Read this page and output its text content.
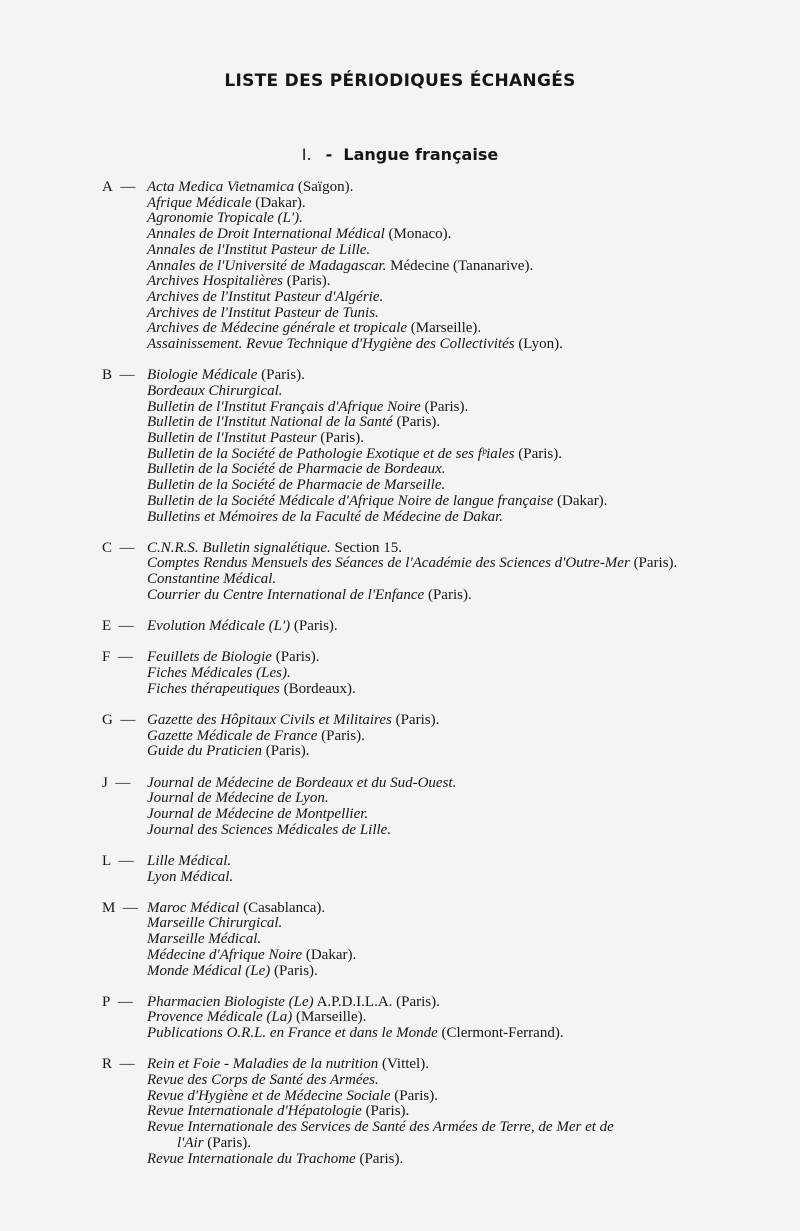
LISTE DES PÉRIODIQUES ÉCHANGÉS
I. - Langue française
A — Acta Medica Vietnamica (Saïgon).
Afrique Médicale (Dakar).
Agronomie Tropicale (L').
Annales de Droit International Médical (Monaco).
Annales de l'Institut Pasteur de Lille.
Annales de l'Université de Madagascar. Médecine (Tananarive).
Archives Hospitalières (Paris).
Archives de l'Institut Pasteur d'Algérie.
Archives de l'Institut Pasteur de Tunis.
Archives de Médecine générale et tropicale (Marseille).
Assainissement. Revue Technique d'Hygiène des Collectivités (Lyon).
B — Biologie Médicale (Paris).
Bordeaux Chirurgical.
Bulletin de l'Institut Français d'Afrique Noire (Paris).
Bulletin de l'Institut National de la Santé (Paris).
Bulletin de l'Institut Pasteur (Paris).
Bulletin de la Société de Pathologie Exotique et de ses fᵖiales (Paris).
Bulletin de la Société de Pharmacie de Bordeaux.
Bulletin de la Société de Pharmacie de Marseille.
Bulletin de la Société Médicale d'Afrique Noire de langue française (Dakar).
Bulletins et Mémoires de la Faculté de Médecine de Dakar.
C — C.N.R.S. Bulletin signalétique. Section 15.
Comptes Rendus Mensuels des Séances de l'Académie des Sciences d'Outre-Mer (Paris).
Constantine Médical.
Courrier du Centre International de l'Enfance (Paris).
E — Evolution Médicale (L') (Paris).
F — Feuillets de Biologie (Paris).
Fiches Médicales (Les).
Fiches thérapeutiques (Bordeaux).
G — Gazette des Hôpitaux Civils et Militaires (Paris).
Gazette Médicale de France (Paris).
Guide du Praticien (Paris).
J —	Journal de Médecine de Bordeaux et du Sud-Ouest.
Journal de Médecine de Lyon.
Journal de Médecine de Montpellier.
Journal des Sciences Médicales de Lille.
L — Lille Médical.
Lyon Médical.
M — Maroc Médical (Casablanca).
Marseille Chirurgical.
Marseille Médical.
Médecine d'Afrique Noire (Dakar).
Monde Médical (Le) (Paris).
P — Pharmacien Biologiste (Le) A.P.D.I.L.A. (Paris).
Provence Médicale (La) (Marseille).
Publications O.R.L. en France et dans le Monde (Clermont-Ferrand).
R — Rein et Foie - Maladies de la nutrition (Vittel).
Revue des Corps de Santé des Armées.
Revue d'Hygiène et de Médecine Sociale (Paris).
Revue Internationale d'Hépatologie (Paris).
Revue Internationale des Services de Santé des Armées de Terre, de Mer et de
l'Air (Paris).
Revue Internationale du Trachome (Paris).
